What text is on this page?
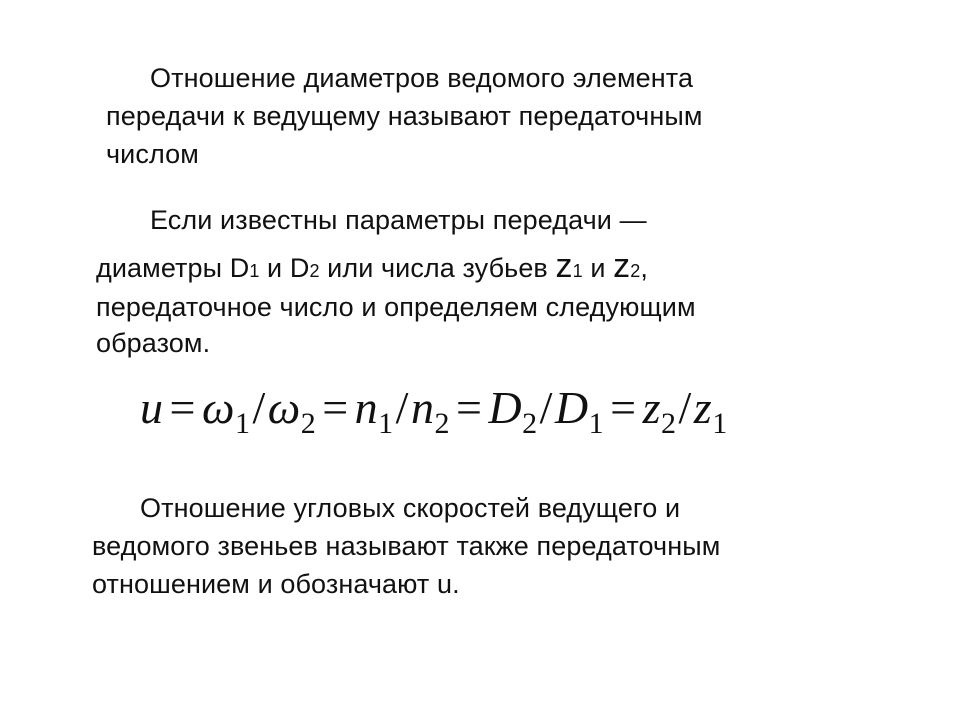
Отношение диаметров ведомого элемента
передачи к ведущему называют передаточным
числом
Если известны параметры передачи —
диаметры D1 и D2 или числа зубьев z1 и z2,
передаточное число и определяем следующим
образом.
$u = \omega_1/\omega_2 = n_1/n_2 = D_2/D_1 = z_2/z_1$
Отношение угловых скоростей ведущего и
ведомого звеньев называют также передаточным
отношением и обозначают u.
